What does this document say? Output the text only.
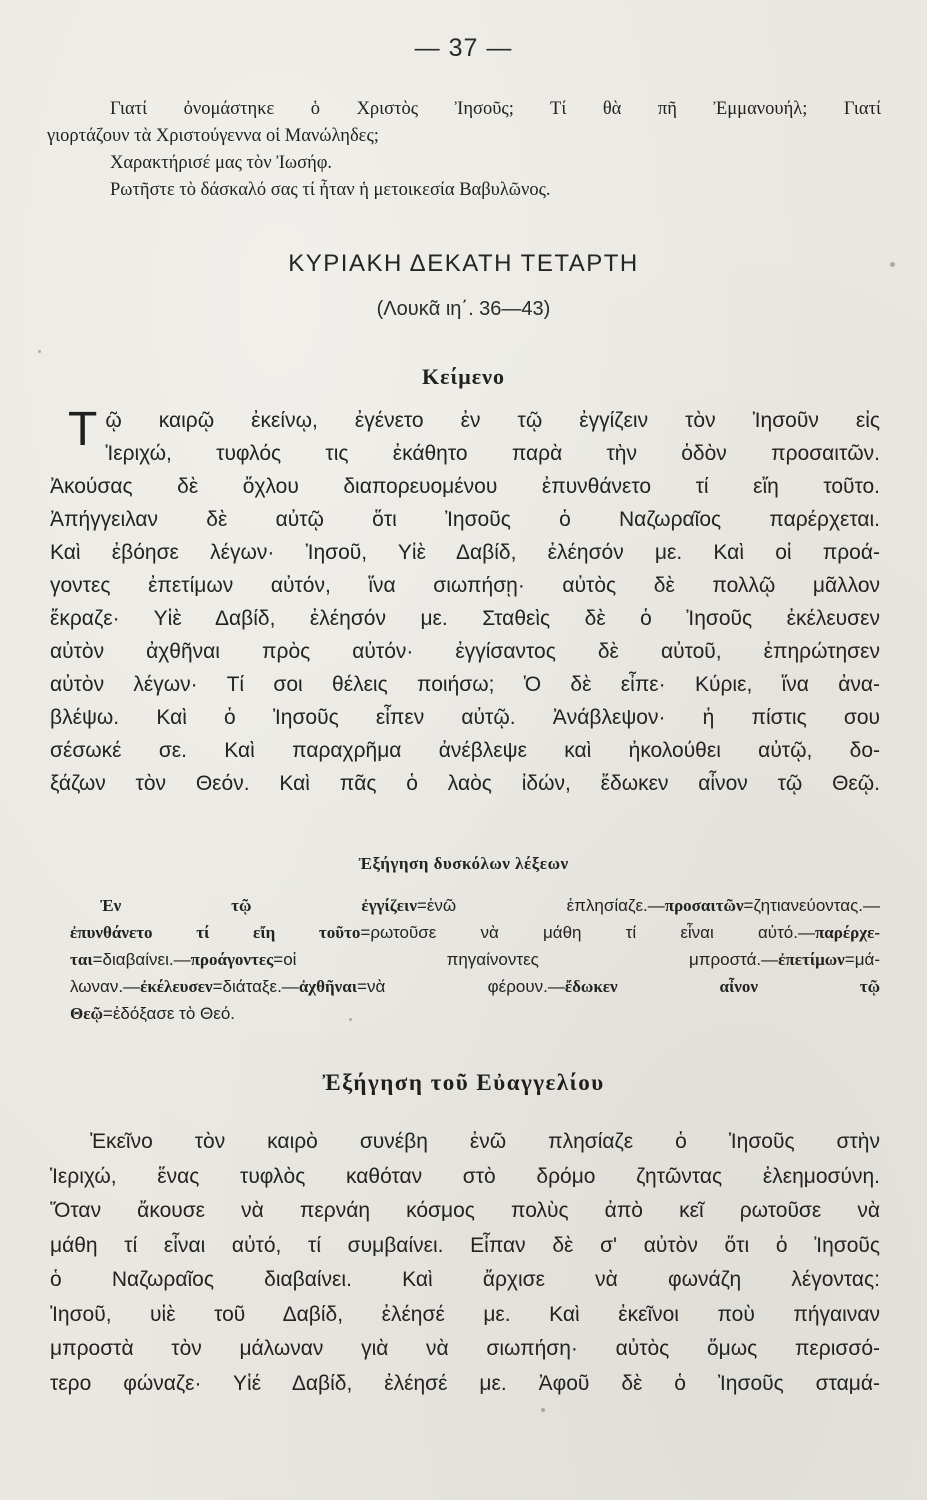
— 37 —

Γιατί ὀνομάστηκε ὁ Χριστὸς Ἰησοῦς; Τί θὰ πῆ Ἐμμανουήλ; Γιατί

γιορτάζουν τὰ Χριστούγεννα οἱ Μανώληδες;

Χαρακτήρισέ μας τὸν Ἰωσήφ.

Ρωτῆστε τὸ δάσκαλό σας τί ἦταν ἡ μετοικεσία Βαβυλῶνος.

ΚΥΡΙΑΚΗ ΔΕΚΑΤΗ ΤΕΤΑΡΤΗ
(Λουκᾶ ιη΄. 36—43)
Κείμενο
Τ ῷ καιρῷ ἐκείνῳ, ἐγένετο ἐν τῷ ἐγγίζειν τὸν Ἰησοῦν εἰς
Ἰεριχώ, τυφλός τις ἐκάθητο παρὰ τὴν ὁδὸν προσαιτῶν.
Ἀκούσας δὲ ὄχλου διαπορευομένου ἐπυνθάνετο τί εἴη τοῦτο.
Ἀπήγγειλαν δὲ αὐτῷ ὅτι Ἰησοῦς ὁ Ναζωραῖος παρέρχεται.
Καὶ ἐβόησε λέγων· Ἰησοῦ, Υἱὲ Δαβίδ, ἐλέησόν με. Καὶ οἱ προά-
γοντες ἐπετίμων αὐτόν, ἵνα σιωπήσῃ· αὐτὸς δὲ πολλῷ μᾶλλον
ἔκραζε· Υἱὲ Δαβίδ, ἐλέησόν με. Σταθεὶς δὲ ὁ Ἰησοῦς ἐκέλευσεν
αὐτὸν ἀχθῆναι πρὸς αὐτόν· ἐγγίσαντος δὲ αὐτοῦ, ἐπηρώτησεν
αὐτὸν λέγων· Τί σοι θέλεις ποιήσω; Ὁ δὲ εἶπε· Κύριε, ἵνα ἀνα-
βλέψω. Καὶ ὁ Ἰησοῦς εἶπεν αὐτῷ. Ἀνάβλεψον· ἡ πίστις σου
σέσωκέ σε. Καὶ παραχρῆμα ἀνέβλεψε καὶ ἠκολούθει αὐτῷ, δο-
ξάζων τὸν Θεόν. Καὶ πᾶς ὁ λαὸς ἰδών, ἔδωκεν αἶνον τῷ Θεῷ.
Ἐξήγηση δυσκόλων λέξεων
Ἐν τῷ ἐγγίζειν=ἐνῶ ἐπλησίαζε.—προσαιτῶν=ζητιανεύοντας.—
ἐπυνθάνετο τί εἴη τοῦτο=ρωτοῦσε νὰ μάθη τί εἶναι αὐτό.—παρέρχε-
ται=διαβαίνει.—προάγοντες=οἱ πηγαίνοντες μπροστά.—ἐπετίμων=μά-
λωναν.—ἐκέλευσεν=διάταξε.—ἀχθῆναι=νὰ φέρουν.—ἔδωκεν αἶνον τῷ
Θεῷ=ἐδόξασε τὸ Θεό.
Ἐξήγηση τοῦ Εὐαγγελίου
Ἐκεῖνο τὸν καιρὸ συνέβη ἐνῶ πλησίαζε ὁ Ἰησοῦς στὴν
Ἱεριχώ, ἕνας τυφλὸς καθόταν στὸ δρόμο ζητῶντας ἐλεημοσύνη.
Ὅταν ἄκουσε νὰ περνάη κόσμος πολὺς ἀπὸ κεῖ ρωτοῦσε νὰ
μάθη τί εἶναι αὐτό, τί συμβαίνει. Εἶπαν δὲ σ' αὐτὸν ὅτι ὁ Ἰησοῦς
ὁ Ναζωραῖος διαβαίνει. Καὶ ἄρχισε νὰ φωνάζη λέγοντας:
Ἰησοῦ, υἱὲ τοῦ Δαβίδ, ἐλέησέ με. Καὶ ἐκεῖνοι ποὺ πήγαιναν
μπροστὰ τὸν μάλωναν γιὰ νὰ σιωπήση· αὐτὸς ὅμως περισσό-
τερο φώναζε· Υἱέ Δαβίδ, ἐλέησέ με. Ἀφοῦ δὲ ὁ Ἰησοῦς σταμά-
